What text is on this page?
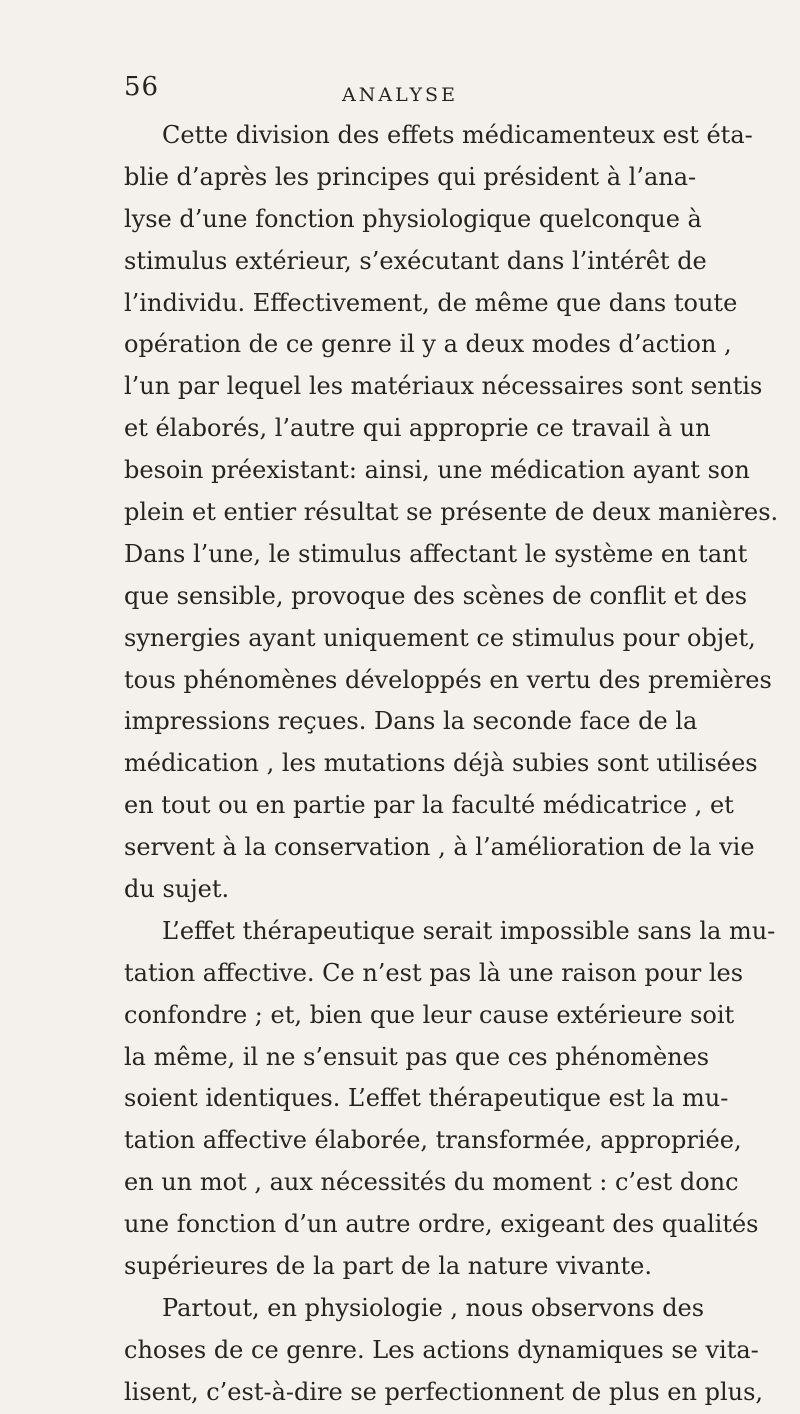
56	ANALYSE
Cette division des effets médicamenteux est éta-
blie d’après les principes qui président à l’ana-
lyse d’une fonction physiologique quelconque à
stimulus extérieur, s’exécutant dans l’intérêt de
l’individu. Effectivement, de même que dans toute
opération de ce genre il y a deux modes d’action ,
l’un par lequel les matériaux nécessaires sont sentis
et élaborés, l’autre qui approprie ce travail à un
besoin préexistant: ainsi, une médication ayant son
plein et entier résultat se présente de deux manières.
Dans l’une, le stimulus affectant le système en tant
que sensible, provoque des scènes de conflit et des
synergies ayant uniquement ce stimulus pour objet,
tous phénomènes développés en vertu des premières
impressions reçues. Dans la seconde face de la
médication , les mutations déjà subies sont utilisées
en tout ou en partie par la faculté médicatrice , et
servent à la conservation , à l’amélioration de la vie
du sujet.
L’effet thérapeutique serait impossible sans la mu-
tation affective. Ce n’est pas là une raison pour les
confondre ; et, bien que leur cause extérieure soit
la même, il ne s’ensuit pas que ces phénomènes
soient identiques. L’effet thérapeutique est la mu-
tation affective élaborée, transformée, appropriée,
en un mot , aux nécessités du moment : c’est donc
une fonction d’un autre ordre, exigeant des qualités
supérieures de la part de la nature vivante.
Partout, en physiologie , nous observons des
choses de ce genre. Les actions dynamiques se vita-
lisent, c’est-à-dire se perfectionnent de plus en plus,
